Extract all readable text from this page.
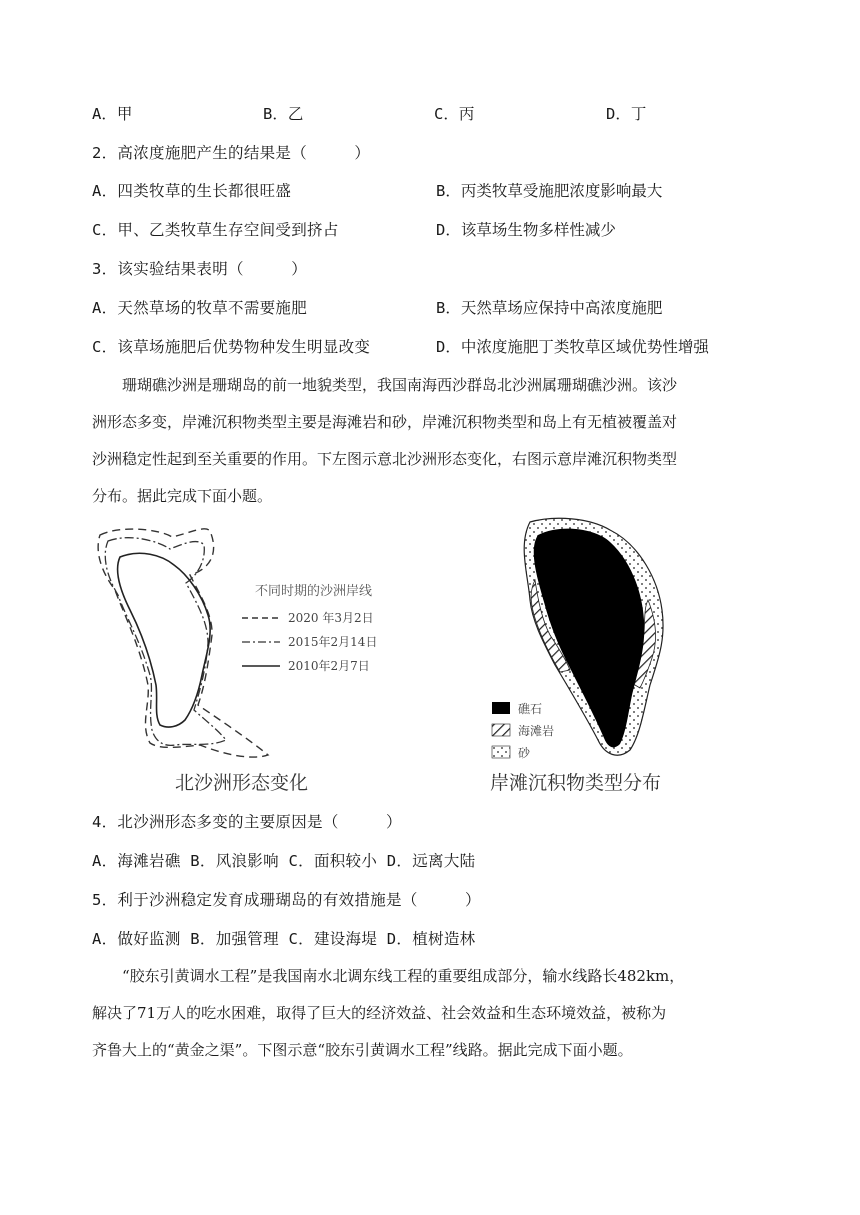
A．甲	B．乙	C．丙	D．丁
2．高浓度施肥产生的结果是（　　　）
A．四类牧草的生长都很旺盛	B．丙类牧草受施肥浓度影响最大
C．甲、乙类牧草生存空间受到挤占	D．该草场生物多样性减少
3．该实验结果表明（　　　）
A．天然草场的牧草不需要施肥	B．天然草场应保持中高浓度施肥
C．该草场施肥后优势物种发生明显改变	D．中浓度施肥丁类牧草区域优势性增强
　　珊瑚礁沙洲是珊瑚岛的前一地貌类型，我国南海西沙群岛北沙洲属珊瑚礁沙洲。该沙
洲形态多变，岸滩沉积物类型主要是海滩岩和砂，岸滩沉积物类型和岛上有无植被覆盖对
沙洲稳定性起到至关重要的作用。下左图示意北沙洲形态变化，右图示意岸滩沉积物类型
分布。据此完成下面小题。
不同时期的沙洲岸线
2020 年3月2日
2015年2月14日
2010年2月7日
北沙洲形态变化
礁石
海滩岩
砂
岸滩沉积物类型分布
4．北沙洲形态多变的主要原因是（　　　）
A．海滩岩礁 B．风浪影响 C．面积较小 D．远离大陆
5．利于沙洲稳定发育成珊瑚岛的有效措施是（　　　）
A．做好监测 B．加强管理 C．建设海堤 D．植树造林
　　“胶东引黄调水工程”是我国南水北调东线工程的重要组成部分，输水线路长482km，
解决了71万人的吃水困难，取得了巨大的经济效益、社会效益和生态环境效益，被称为
齐鲁大上的“黄金之渠”。下图示意“胶东引黄调水工程”线路。据此完成下面小题。
